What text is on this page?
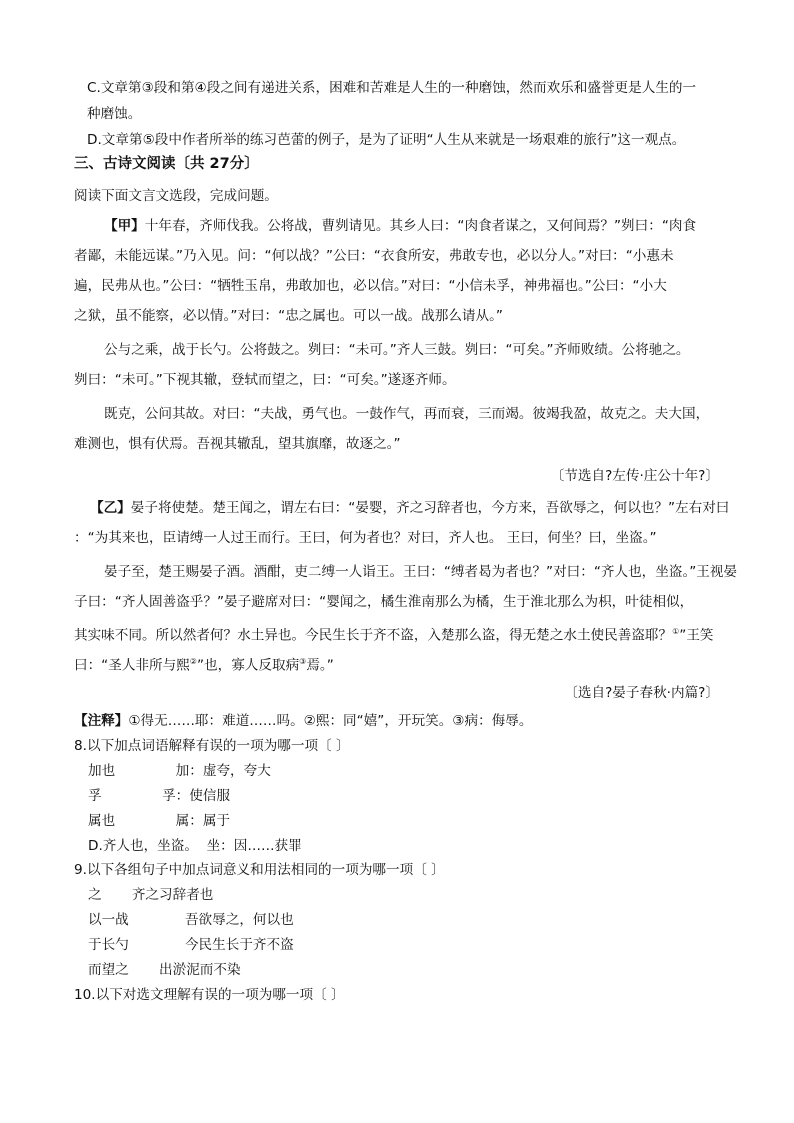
C.文章第③段和第④段之间有递进关系，困难和苦难是人生的一种磨蚀，然而欢乐和盛誉更是人生的一
种磨蚀。
D.文章第⑤段中作者所举的练习芭蕾的例子，是为了证明“人生从来就是一场艰难的旅行”这一观点。
三、古诗文阅读〔共 27分〕
阅读下面文言文选段，完成问题。
【甲】十年春，齐师伐我。公将战，曹刿请见。其乡人曰：“肉食者谋之，又何间焉？”刿曰：“肉食
者鄙，未能远谋。”乃入见。问：“何以战？”公曰：“衣食所安，弗敢专也，必以分人。”对曰：“小惠未
遍，民弗从也。”公曰：“牺牲玉帛，弗敢加也，必以信。”对曰：“小信未孚，神弗福也。”公曰：“小大
之狱，虽不能察，必以情。”对曰：“忠之属也。可以一战。战那么请从。”
公与之乘，战于长勺。公将鼓之。刿曰：“未可。”齐人三鼓。刿曰：“可矣。”齐师败绩。公将驰之。
刿曰：“未可。”下视其辙，登轼而望之，曰：“可矣。”遂逐齐师。
既克，公问其故。对曰：“夫战，勇气也。一鼓作气，再而衰，三而竭。彼竭我盈，故克之。夫大国，
难测也，惧有伏焉。吾视其辙乱，望其旗靡，故逐之。”
〔节选自?左传·庄公十年?〕
【乙】晏子将使楚。楚王闻之，谓左右曰：“晏婴，齐之习辞者也，今方来，吾欲辱之，何以也？”左右对曰
：“为其来也，臣请缚一人过王而行。王曰，何为者也？对曰，齐人也。 王曰，何坐？曰，坐盗。”
晏子至，楚王赐晏子酒。酒酣，吏二缚一人诣王。王曰：“缚者曷为者也？”对曰：“齐人也，坐盗。”王视晏
子曰：“齐人固善盗乎？”晏子避席对曰：“婴闻之，橘生淮南那么为橘，生于淮北那么为枳，叶徒相似，
其实味不同。所以然者何？水土异也。今民生长于齐不盗，入楚那么盗，得无楚之水土使民善盗耶？①”王笑
曰：“圣人非所与熙②”也，寡人反取病③焉。”
〔选自?晏子春秋·内篇?〕
【注释】①得无……耶：难道……吗。②熙：同“嬉”，开玩笑。③病：侮辱。
8.以下加点词语解释有误的一项为哪一项〔 〕
加也              加：虚夸，夸大
孚              孚：使信服
属也              属：属于
D.齐人也，坐盗。  坐：因……获罪
9.以下各组句子中加点词意义和用法相同的一项为哪一项〔 〕
之       齐之习辞者也
以一战             吾欲辱之，何以也
于长勺             今民生长于齐不盗
而望之       出淤泥而不染
10.以下对选文理解有误的一项为哪一项〔 〕
